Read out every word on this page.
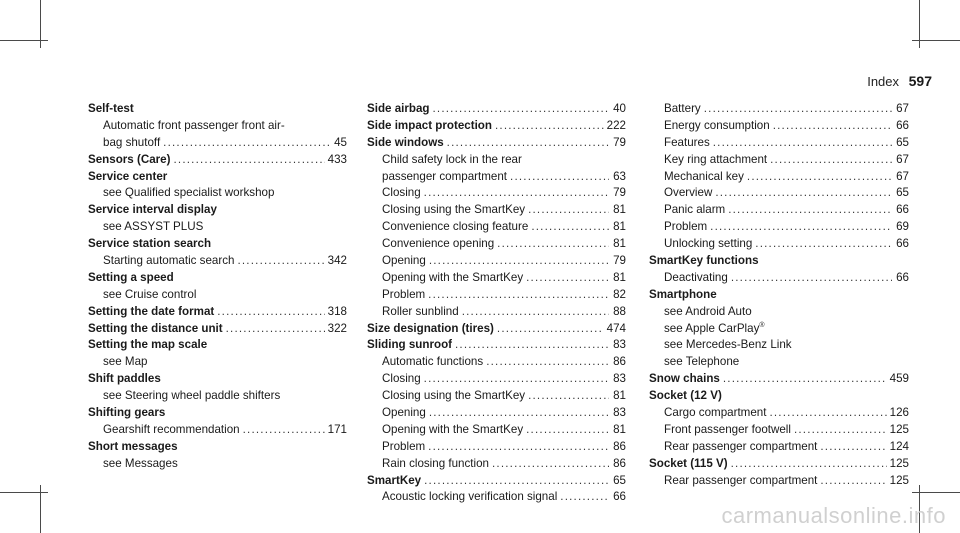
Index 597
Self-test
Automatic front passenger front air-
bag shutoff .....	45
Sensors (Care) .....	433
Service center
see Qualified specialist workshop
Service interval display
see ASSYST PLUS
Service station search
Starting automatic search .....	342
Setting a speed
see Cruise control
Setting the date format .....	318
Setting the distance unit .....	322
Setting the map scale
see Map
Shift paddles
see Steering wheel paddle shifters
Shifting gears
Gearshift recommendation .....	171
Short messages
see Messages
Side airbag .....	40
Side impact protection .....	222
Side windows .....	79
Child safety lock in the rear
passenger compartment .....	63
Closing .....	79
Closing using the SmartKey .....	81
Convenience closing feature .....	81
Convenience opening .....	81
Opening .....	79
Opening with the SmartKey .....	81
Problem .....	82
Roller sunblind .....	88
Size designation (tires) .....	474
Sliding sunroof .....	83
Automatic functions .....	86
Closing .....	83
Closing using the SmartKey .....	81
Opening .....	83
Opening with the SmartKey .....	81
Problem .....	86
Rain closing function .....	86
SmartKey .....	65
Acoustic locking verification signal .....	66
Battery .....	67
Energy consumption .....	66
Features .....	65
Key ring attachment .....	67
Mechanical key .....	67
Overview .....	65
Panic alarm .....	66
Problem .....	69
Unlocking setting .....	66
SmartKey functions
Deactivating .....	66
Smartphone
see Android Auto
see Apple CarPlay®
see Mercedes-Benz Link
see Telephone
Snow chains .....	459
Socket (12 V)
Cargo compartment .....	126
Front passenger footwell .....	125
Rear passenger compartment .....	124
Socket (115 V) .....	125
Rear passenger compartment .....	125
carmanualsonline.info
